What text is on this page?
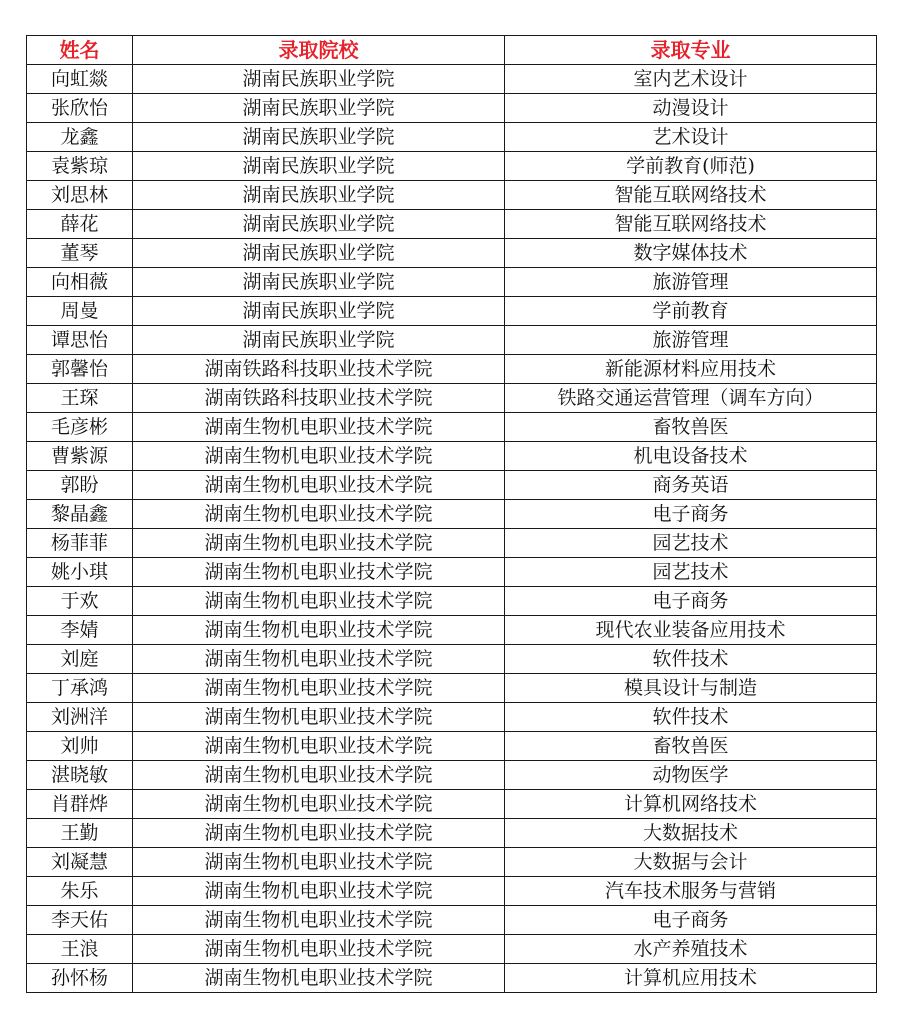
姓名	录取院校	录取专业
向虹燚	湖南民族职业学院	室内艺术设计
张欣怡	湖南民族职业学院	动漫设计
龙鑫	湖南民族职业学院	艺术设计
袁紫琼	湖南民族职业学院	学前教育(师范)
刘思林	湖南民族职业学院	智能互联网络技术
薛花	湖南民族职业学院	智能互联网络技术
董琴	湖南民族职业学院	数字媒体技术
向相薇	湖南民族职业学院	旅游管理
周曼	湖南民族职业学院	学前教育
谭思怡	湖南民族职业学院	旅游管理
郭馨怡	湖南铁路科技职业技术学院	新能源材料应用技术
王琛	湖南铁路科技职业技术学院	铁路交通运营管理（调车方向）
毛彦彬	湖南生物机电职业技术学院	畜牧兽医
曹紫源	湖南生物机电职业技术学院	机电设备技术
郭盼	湖南生物机电职业技术学院	商务英语
黎晶鑫	湖南生物机电职业技术学院	电子商务
杨菲菲	湖南生物机电职业技术学院	园艺技术
姚小琪	湖南生物机电职业技术学院	园艺技术
于欢	湖南生物机电职业技术学院	电子商务
李婧	湖南生物机电职业技术学院	现代农业装备应用技术
刘庭	湖南生物机电职业技术学院	软件技术
丁承鸿	湖南生物机电职业技术学院	模具设计与制造
刘洲洋	湖南生物机电职业技术学院	软件技术
刘帅	湖南生物机电职业技术学院	畜牧兽医
湛晓敏	湖南生物机电职业技术学院	动物医学
肖群烨	湖南生物机电职业技术学院	计算机网络技术
王勤	湖南生物机电职业技术学院	大数据技术
刘凝慧	湖南生物机电职业技术学院	大数据与会计
朱乐	湖南生物机电职业技术学院	汽车技术服务与营销
李天佑	湖南生物机电职业技术学院	电子商务
王浪	湖南生物机电职业技术学院	水产养殖技术
孙怀杨	湖南生物机电职业技术学院	计算机应用技术
